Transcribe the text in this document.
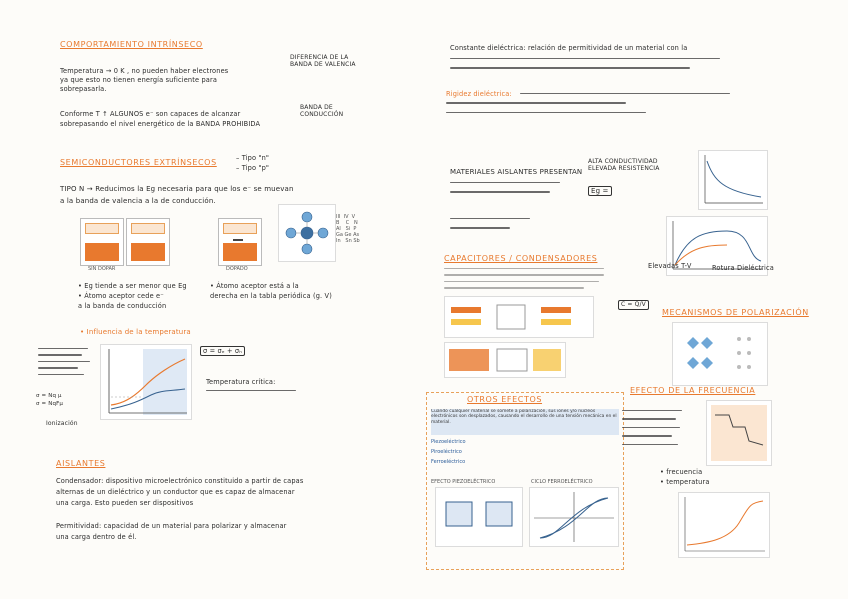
COMPORTAMIENTO INTRÍNSECO
Temperatura → 0 K , no pueden haber electrones
ya que esto no tienen energía suficiente para
sobrepasarla.
DIFERENCIA DE LA BANDA DE VALENCIA
Conforme T ↑ ALGUNOS e⁻ son capaces de alcanzar
sobrepasando el nivel energético de la BANDA PROHIBIDA
BANDA DE CONDUCCIÓN
SEMICONDUCTORES EXTRÍNSECOS	– Tipo "n"
– Tipo "p"
TIPO N → Reducimos la Eg necesaria para que los e⁻ se muevan
a la banda de valencia a la de conducción.
SIN DOPAR	DOPADO
III  IV  V
B    C   N
Al   Si  P
Ga Ge As
In   Sn Sb
• Eg tiende a ser menor que Eg
• Átomo aceptor cede e⁻
a la banda de conducción
• Átomo aceptor está a la
derecha en la tabla periódica (g. V)
• Influencia de la temperatura
σ = Nq μ
σ = NqFμ
Ionización
σ = σₑ + σₕ
Temperatura crítica:
AISLANTES
Condensador: dispositivo microelectrónico constituido a partir de capas
alternas de un dieléctrico y un conductor que es capaz de almacenar
una carga. Esto pueden ser dispositivos
Permitividad: capacidad de un material para polarizar y almacenar
una carga dentro de él.
Constante dieléctrica: relación de permitividad de un material con la
Rigidez dieléctrica:
MATERIALES AISLANTES PRESENTAN
ALTA CONDUCTIVIDAD ELEVADA RESISTENCIA
Eg =
CAPACITORES / CONDENSADORES
C = Q/V
MECANISMOS DE POLARIZACIÓN
Elevadas T-V	Rotura Dieléctrica
OTROS EFECTOS
Cuando cualquier material se somete a polarización, sus iones y/o núcleos electrónicos son desplazados, causando el desarrollo de una tensión mecánica en el material.
Piezoeléctrico
Piroeléctrico
Ferroeléctrico
EFECTO PIEZOELÉCTRICO	CICLO FERROELÉCTRICO
EFECTO DE LA FRECUENCIA
• frecuencia
• temperatura
